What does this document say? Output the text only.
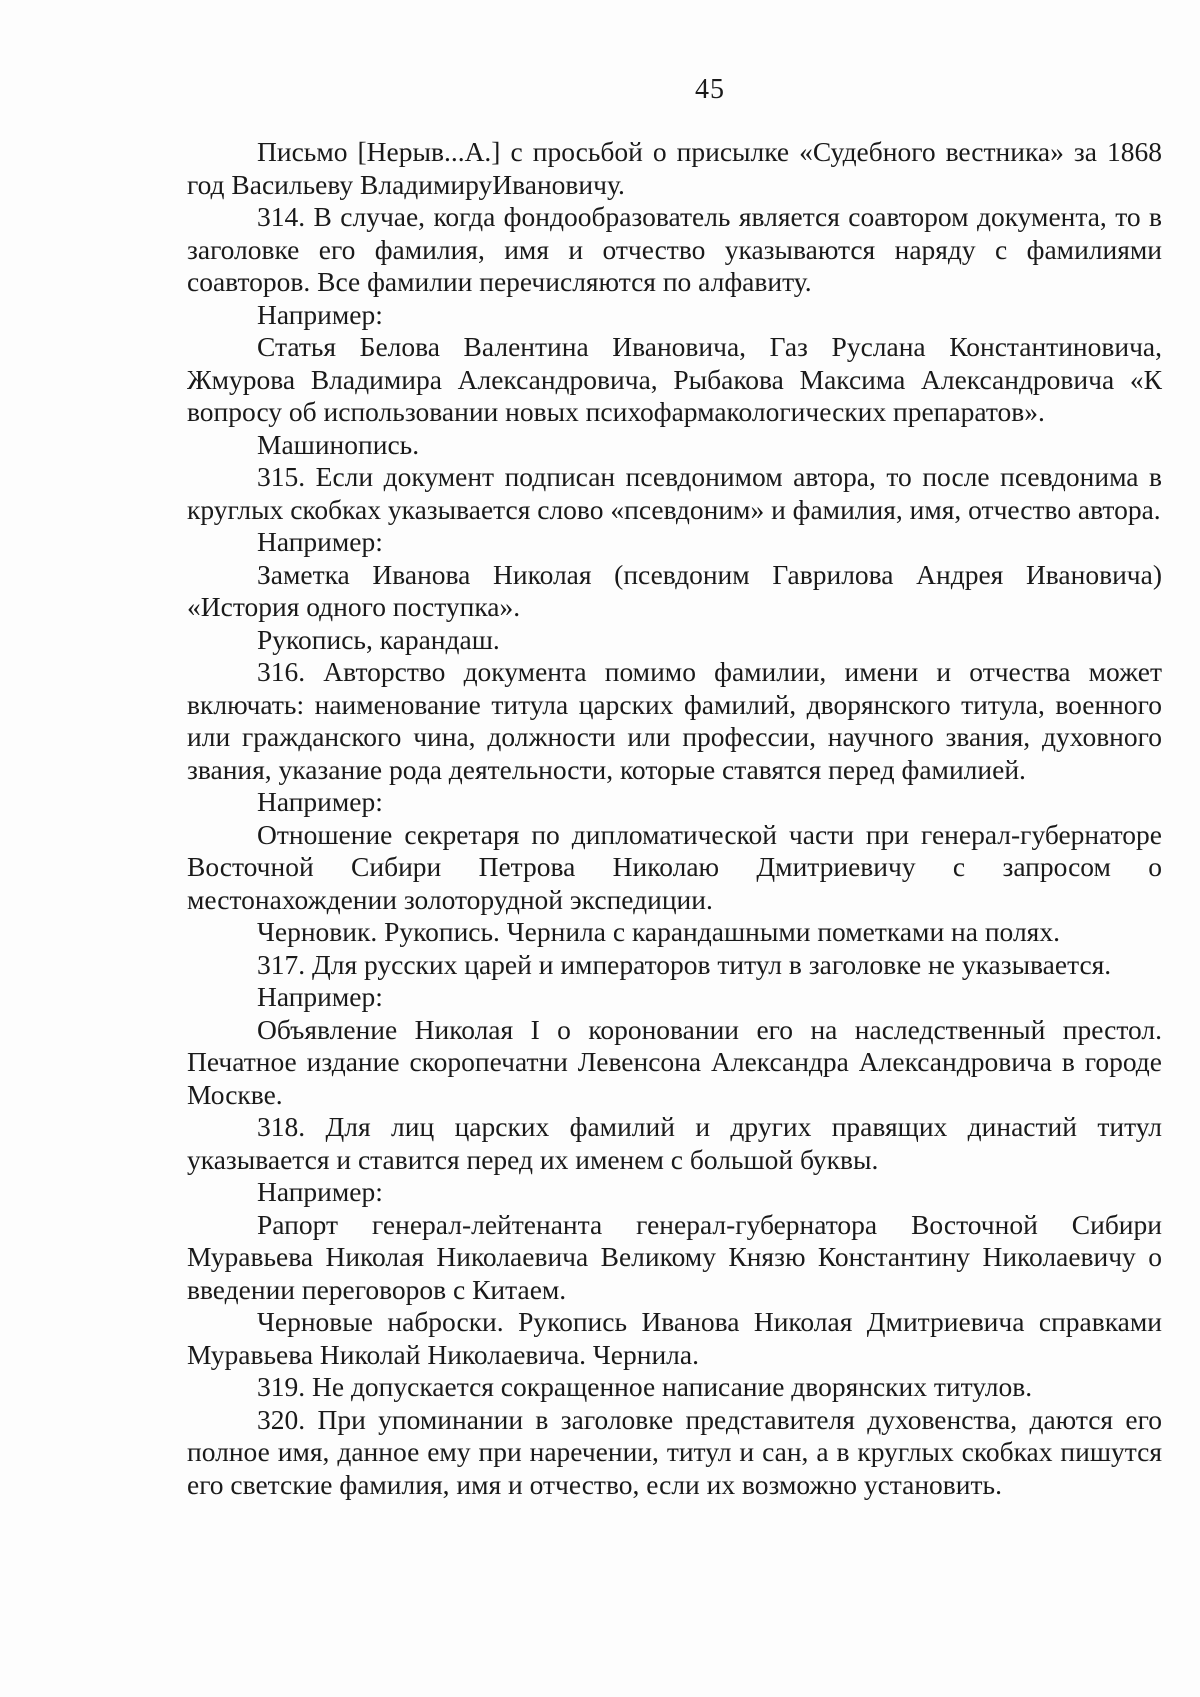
45

Письмо [Нерыв...А.] с просьбой о присылке «Судебного вестника» за 1868 год Васильеву ВладимируИвановичу.

314. В случае, когда фондообразователь является соавтором документа, то в заголовке его фамилия, имя и отчество указываются наряду с фамилиями соавторов. Все фамилии перечисляются по алфавиту.

Например:

Статья Белова Валентина Ивановича, Газ Руслана Константиновича, Жмурова Владимира Александровича, Рыбакова Максима Александровича «К вопросу об использовании новых психофармакологических препаратов».

Машинопись.

315. Если документ подписан псевдонимом автора, то после псевдонима в круглых скобках указывается слово «псевдоним» и фамилия, имя, отчество автора.

Например:

Заметка Иванова Николая (псевдоним Гаврилова Андрея Ивановича) «История одного поступка».

Рукопись, карандаш.

316. Авторство документа помимо фамилии, имени и отчества может включать: наименование титула царских фамилий, дворянского титула, военного или гражданского чина, должности или профессии, научного звания, духовного звания, указание рода деятельности, которые ставятся перед фамилией.

Например:

Отношение секретаря по дипломатической части при генерал-губернаторе Восточной Сибири Петрова Николаю Дмитриевичу с запросом о местонахождении золоторудной экспедиции.

Черновик. Рукопись. Чернила с карандашными пометками на полях.

317. Для русских царей и императоров титул в заголовке не указывается.

Например:

Объявление Николая I о короновании его на наследственный престол. Печатное издание скоропечатни Левенсона Александра Александровича в городе Москве.

318. Для лиц царских фамилий и других правящих династий титул указывается и ставится перед их именем с большой буквы.

Например:

Рапорт генерал-лейтенанта генерал-губернатора Восточной Сибири Муравьева Николая Николаевича Великому Князю Константину Николаевичу о введении переговоров с Китаем.

Черновые наброски. Рукопись Иванова Николая Дмитриевича справками Муравьева Николай Николаевича. Чернила.

319. Не допускается сокращенное написание дворянских титулов.

320. При упоминании в заголовке представителя духовенства, даются его полное имя, данное ему при наречении, титул и сан, а в круглых скобках пишутся его светские фамилия, имя и отчество, если их возможно установить.
